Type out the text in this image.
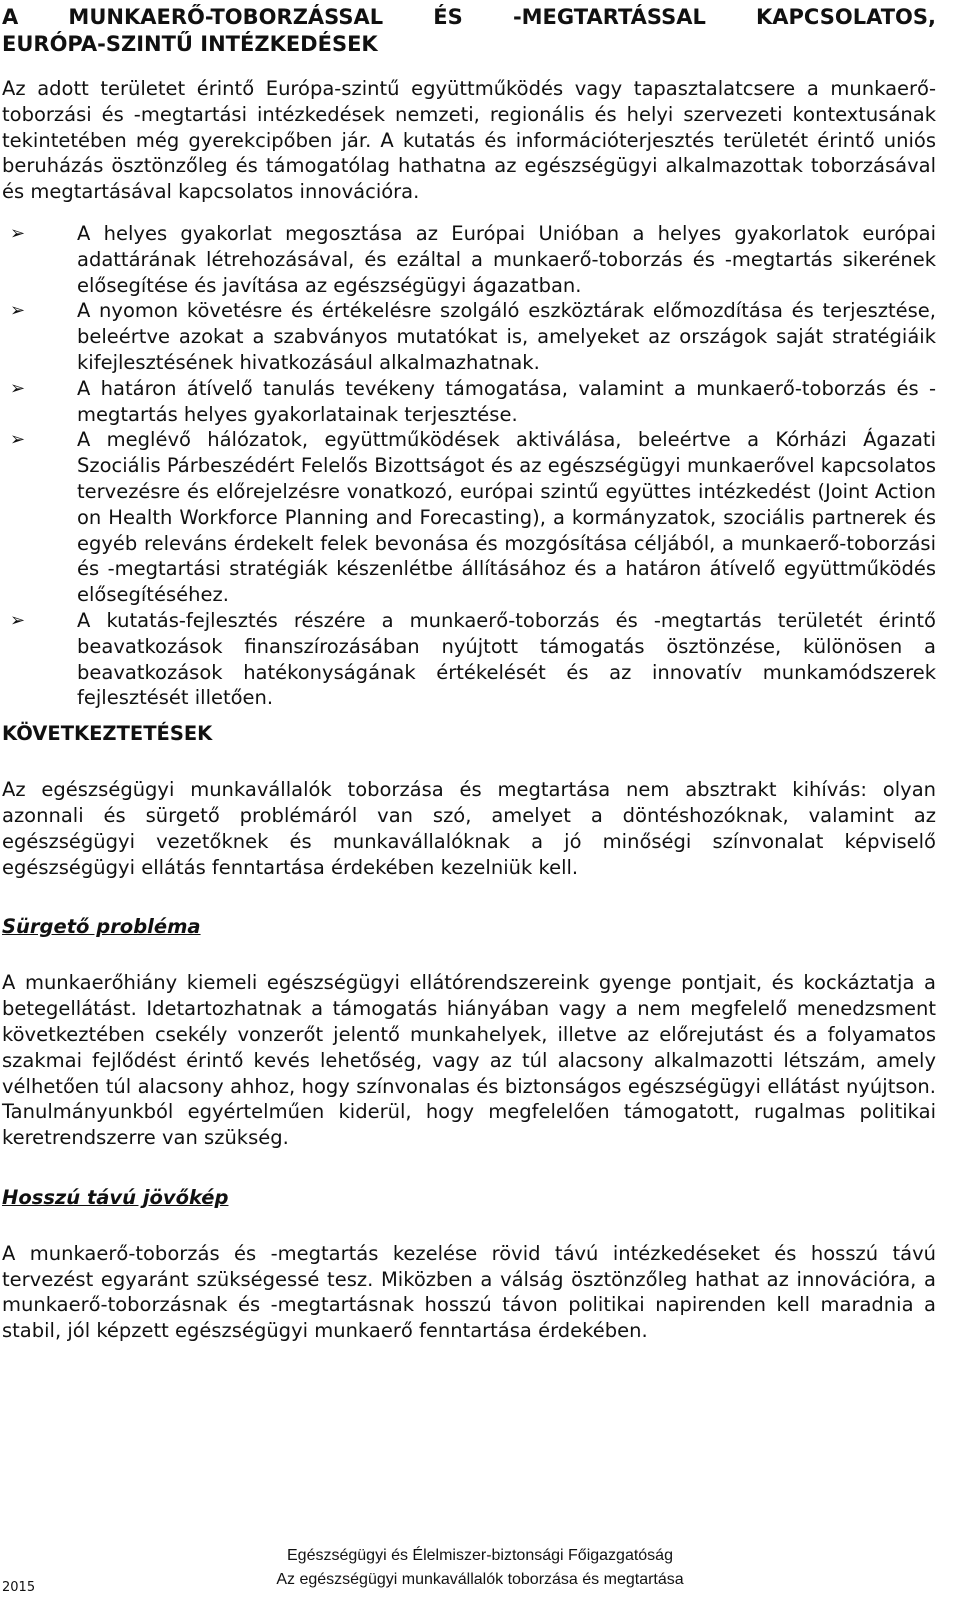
A MUNKAERŐ-TOBORZÁSSAL ÉS -MEGTARTÁSSAL KAPCSOLATOS,
EURÓPA-SZINTŰ INTÉZKEDÉSEK

Az adott területet érintő Európa-szintű együttműködés vagy tapasztalatcsere a munkaerő-toborzási és -megtartási intézkedések nemzeti, regionális és helyi szervezeti kontextusának tekintetében még gyerekcipőben jár. A kutatás és információterjesztés területét érintő uniós beruházás ösztönzőleg és támogatólag hathatna az egészségügyi alkalmazottak toborzásával és megtartásával kapcsolatos innovációra.

➢	A helyes gyakorlat megosztása az Európai Unióban a helyes gyakorlatok európai adattárának létrehozásával, és ezáltal a munkaerő-toborzás és -megtartás sikerének elősegítése és javítása az egészségügyi ágazatban.
➢	A nyomon követésre és értékelésre szolgáló eszköztárak előmozdítása és terjesztése, beleértve azokat a szabványos mutatókat is, amelyeket az országok saját stratégiáik kifejlesztésének hivatkozásául alkalmazhatnak.
➢	A határon átívelő tanulás tevékeny támogatása, valamint a munkaerő-toborzás és -megtartás helyes gyakorlatainak terjesztése.
➢	A meglévő hálózatok, együttműködések aktiválása, beleértve a Kórházi Ágazati Szociális Párbeszédért Felelős Bizottságot és az egészségügyi munkaerővel kapcsolatos tervezésre és előrejelzésre vonatkozó, európai szintű együttes intézkedést (Joint Action on Health Workforce Planning and Forecasting), a kormányzatok, szociális partnerek és egyéb releváns érdekelt felek bevonása és mozgósítása céljából, a munkaerő-toborzási és -megtartási stratégiák készenlétbe állításához és a határon átívelő együttműködés elősegítéséhez.
➢	A kutatás-fejlesztés részére a munkaerő-toborzás és -megtartás területét érintő beavatkozások finanszírozásában nyújtott támogatás ösztönzése, különösen a beavatkozások hatékonyságának értékelését és az innovatív munkamódszerek fejlesztését illetően.
KÖVETKEZTETÉSEK

Az egészségügyi munkavállalók toborzása és megtartása nem absztrakt kihívás: olyan azonnali és sürgető problémáról van szó, amelyet a döntéshozóknak, valamint az egészségügyi vezetőknek és munkavállalóknak a jó minőségi színvonalat képviselő egészségügyi ellátás fenntartása érdekében kezelniük kell.

Sürgető probléma

A munkaerőhiány kiemeli egészségügyi ellátórendszereink gyenge pontjait, és kockáztatja a betegellátást. Idetartozhatnak a támogatás hiányában vagy a nem megfelelő menedzsment következtében csekély vonzerőt jelentő munkahelyek, illetve az előrejutást és a folyamatos szakmai fejlődést érintő kevés lehetőség, vagy az túl alacsony alkalmazotti létszám, amely vélhetően túl alacsony ahhoz, hogy színvonalas és biztonságos egészségügyi ellátást nyújtson. Tanulmányunkból egyértelműen kiderül, hogy megfelelően támogatott, rugalmas politikai keretrendszerre van szükség.

Hosszú távú jövőkép

A munkaerő-toborzás és -megtartás kezelése rövid távú intézkedéseket és hosszú távú tervezést egyaránt szükségessé tesz. Miközben a válság ösztönzőleg hathat az innovációra, a munkaerő-toborzásnak és -megtartásnak hosszú távon politikai napirenden kell maradnia a stabil, jól képzett egészségügyi munkaerő fenntartása érdekében.

2015
Egészségügyi és Élelmiszer-biztonsági Főigazgatóság
Az egészségügyi munkavállalók toborzása és megtartása
